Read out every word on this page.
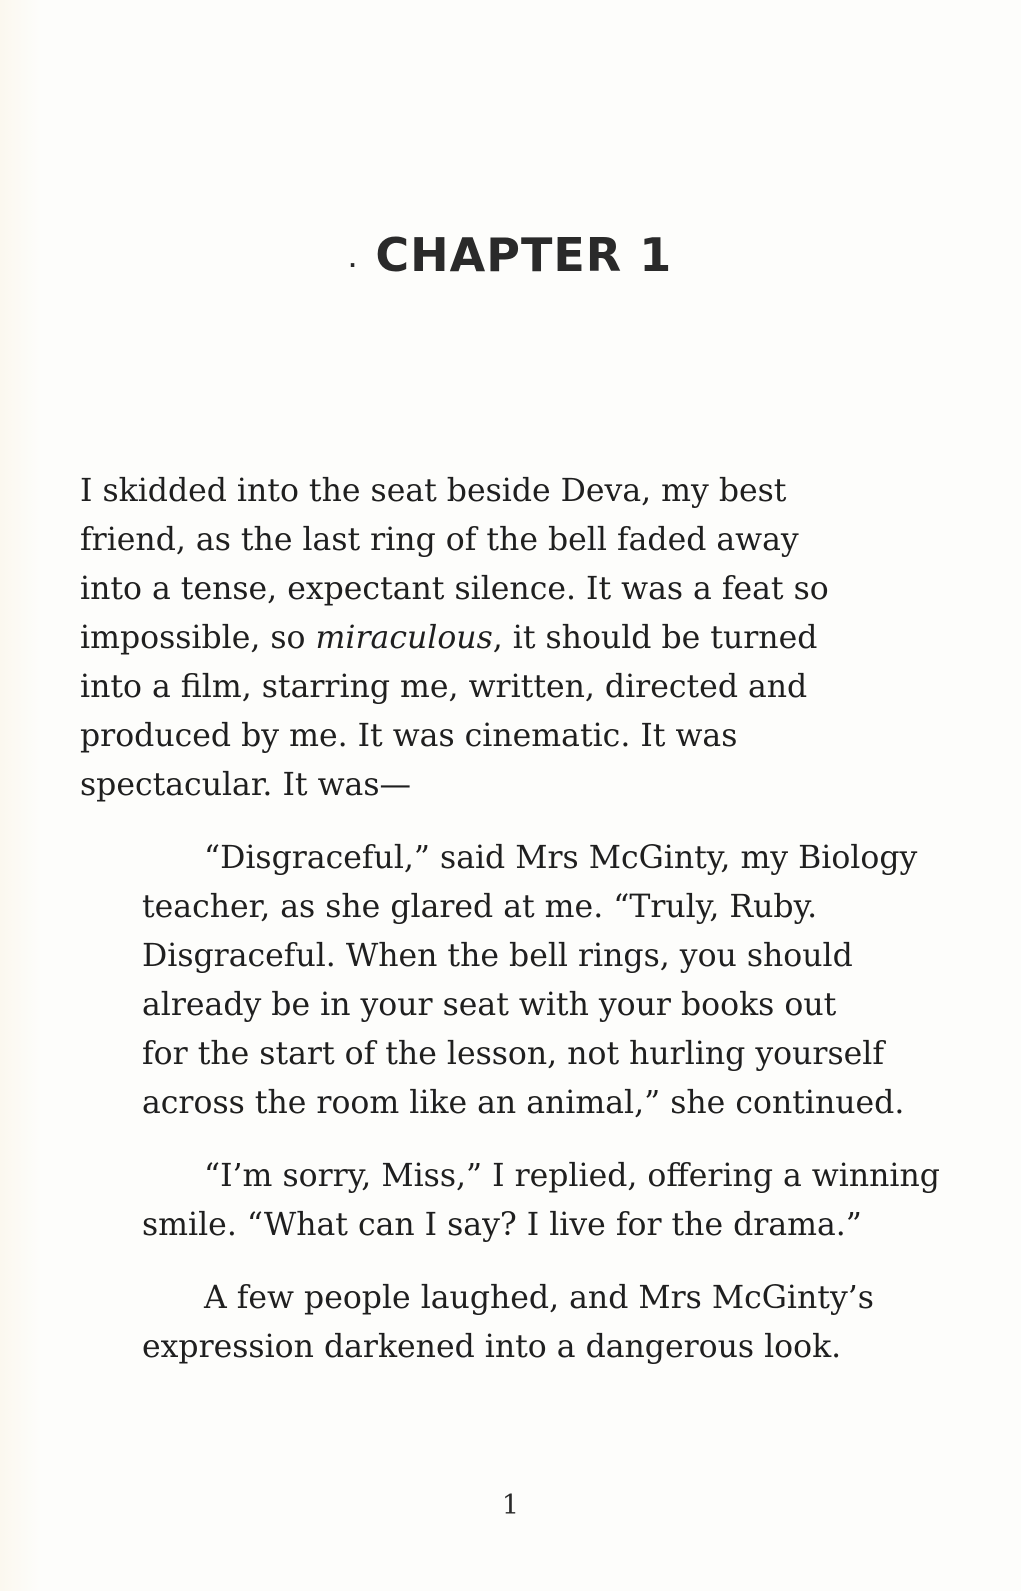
. CHAPTER 1

I skidded into the seat beside Deva, my best
friend, as the last ring of the bell faded away
into a tense, expectant silence. It was a feat so
impossible, so miraculous, it should be turned
into a film, starring me, written, directed and
produced by me. It was cinematic. It was
spectacular. It was—

“Disgraceful,” said Mrs McGinty, my Biology
teacher, as she glared at me. “Truly, Ruby.
Disgraceful. When the bell rings, you should
already be in your seat with your books out
for the start of the lesson, not hurling yourself
across the room like an animal,” she continued.

“I’m sorry, Miss,” I replied, offering a winning
smile. “What can I say? I live for the drama.”

A few people laughed, and Mrs McGinty’s
expression darkened into a dangerous look.

1
